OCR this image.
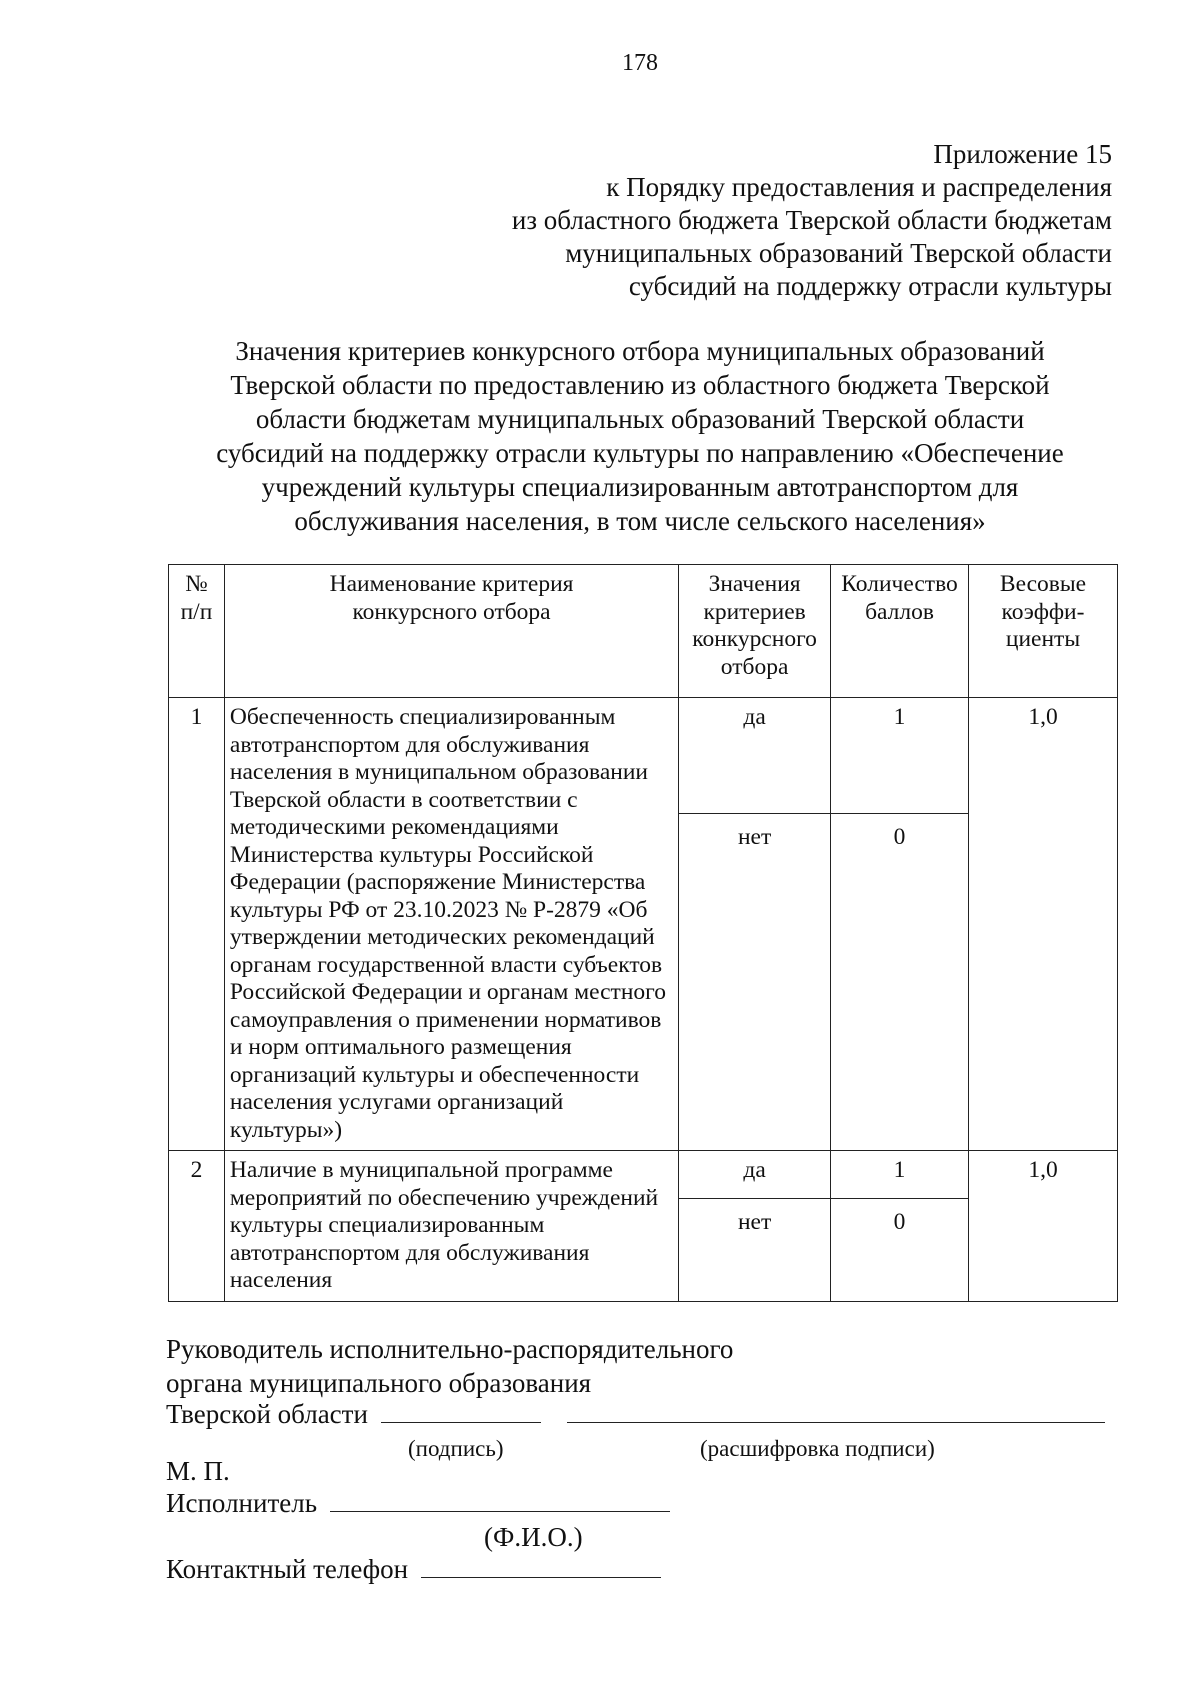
178
Приложение 15
к Порядку предоставления и распределения
из областного бюджета Тверской области бюджетам
муниципальных образований Тверской области
субсидий на поддержку отрасли культуры
Значения критериев конкурсного отбора муниципальных образований
Тверской области по предоставлению из областного бюджета Тверской
области бюджетам муниципальных образований Тверской области
субсидий на поддержку отрасли культуры по направлению «Обеспечение
учреждений культуры специализированным автотранспортом для
обслуживания населения, в том числе сельского населения»
№ п/п	Наименование критерия конкурсного отбора	Значения критериев конкурсного отбора	Количество баллов	Весовые коэффи-циенты
1	Обеспеченность специализированным автотранспортом для обслуживания населения в муниципальном образовании Тверской области в соответствии с методическими рекомендациями Министерства культуры Российской Федерации (распоряжение Министерства культуры РФ от 23.10.2023 № Р-2879 «Об утверждении методических рекомендаций органам государственной власти субъектов Российской Федерации и органам местного самоуправления о применении нормативов и норм оптимального размещения организаций культуры и обеспеченности населения услугами организаций культуры»)	да	1	1,0
		нет	0	
2	Наличие в муниципальной программе мероприятий по обеспечению учреждений культуры специализированным автотранспортом для обслуживания населения	да	1	1,0
		нет	0	
Руководитель исполнительно-распорядительного
органа муниципального образования
Тверской области
(подпись)	(расшифровка подписи)
М. П.
Исполнитель
(Ф.И.О.)
Контактный телефон
